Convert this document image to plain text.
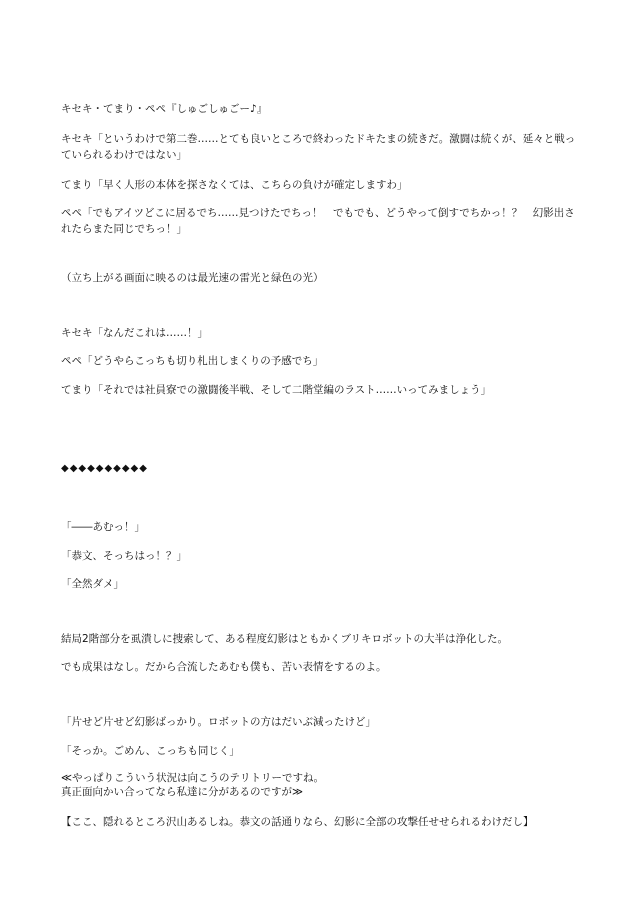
キセキ・てまり・ペペ『しゅごしゅごー♪』
キセキ「というわけで第二巻……とても良いところで終わったドキたまの続きだ。激闘は続くが、延々と戦っていられるわけではない」
てまり「早く人形の本体を探さなくては、こちらの負けが確定しますわ」
ペペ「でもアイツどこに居るでち……見つけたでちっ！　でもでも、どうやって倒すでちかっ！？　幻影出されたらまた同じでちっ！」
（立ち上がる画面に映るのは最光速の雷光と緑色の光）
キセキ「なんだこれは……！」
ペペ「どうやらこっちも切り札出しまくりの予感でち」
てまり「それでは社員寮での激闘後半戦、そして二階堂編のラスト……いってみましょう」
◆◆◆◆◆◆◆◆◆◆
「――あむっ！」
「恭文、そっちはっ！？」
「全然ダメ」
結局2階部分を虱潰しに捜索して、ある程度幻影はともかくブリキロボットの大半は浄化した。
でも成果はなし。だから合流したあむも僕も、苦い表情をするのよ。
「片せど片せど幻影ばっかり。ロボットの方はだいぶ減ったけど」
「そっか。ごめん、こっちも同じく」
≪やっぱりこういう状況は向こうのテリトリーですね。
真正面向かい合ってなら私達に分があるのですが≫
【ここ、隠れるところ沢山あるしね。恭文の話通りなら、幻影に全部の攻撃任せせられるわけだし】
